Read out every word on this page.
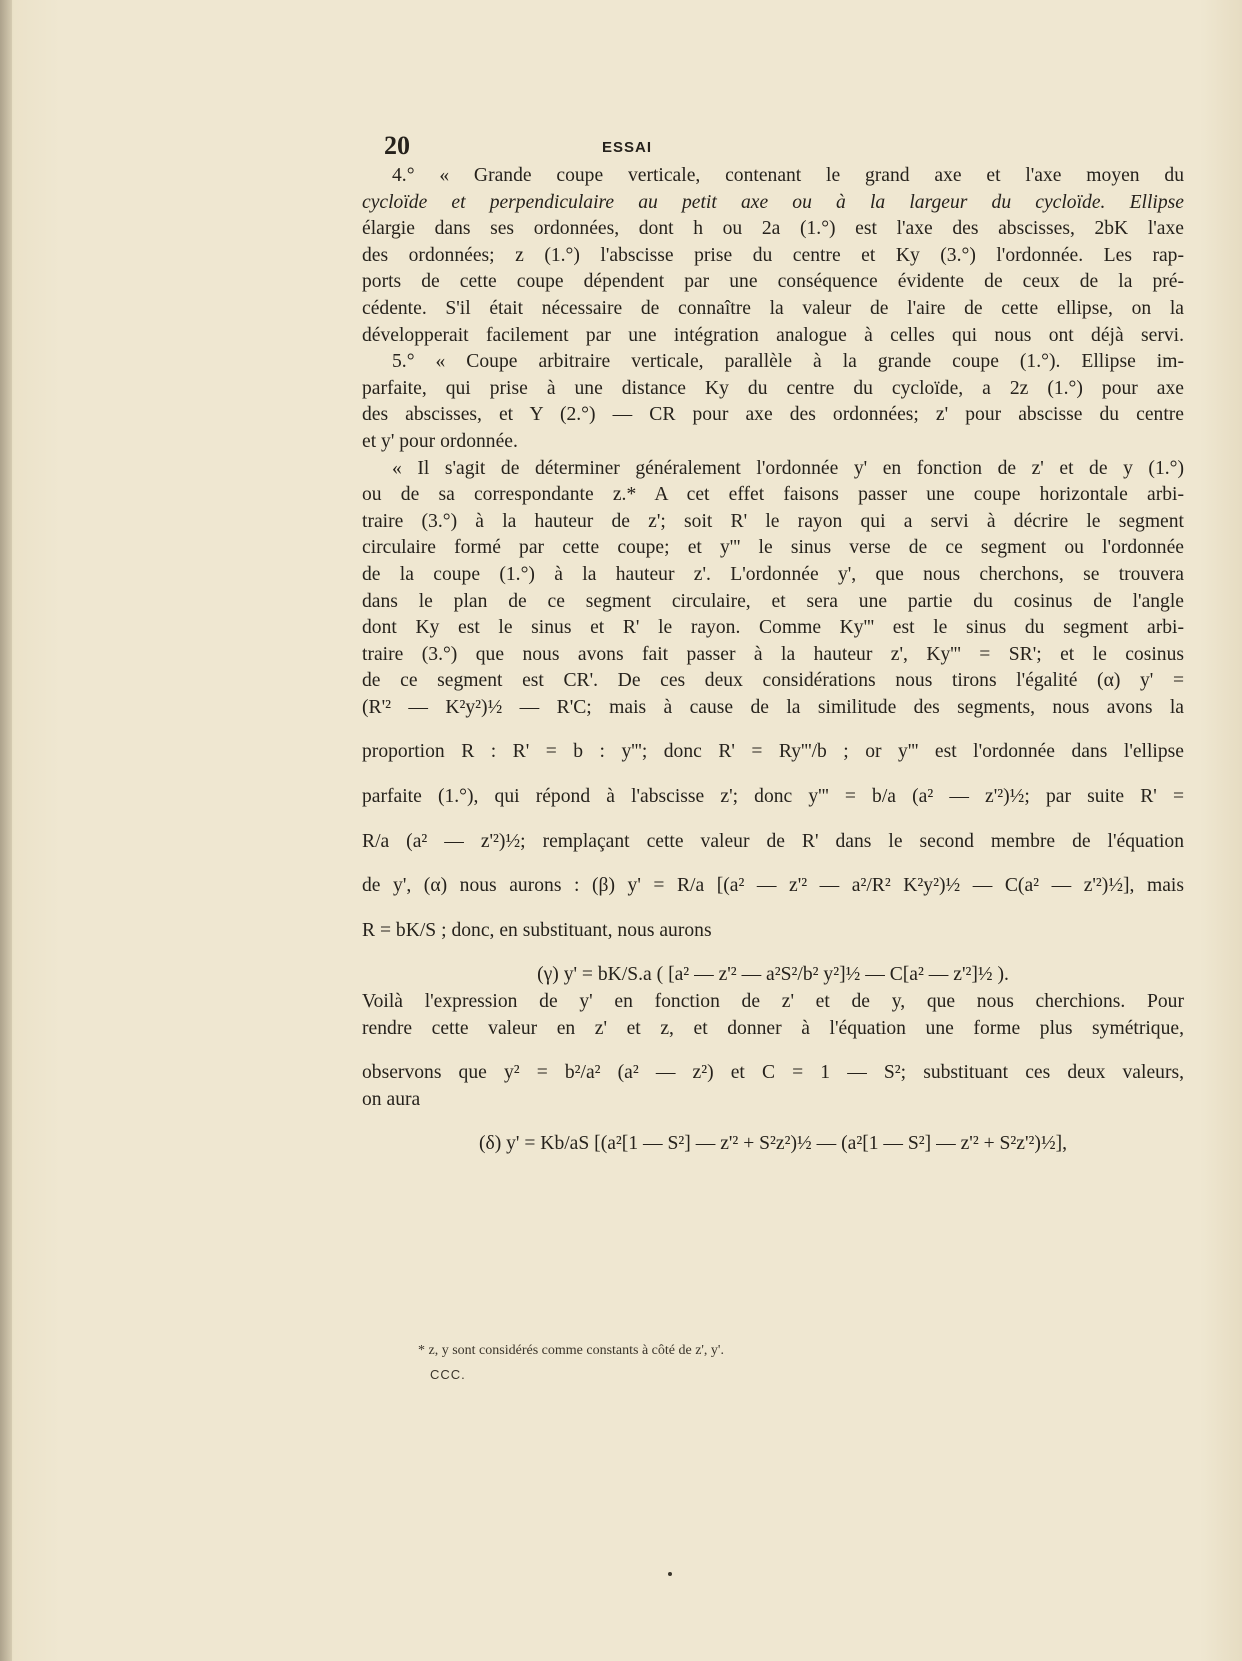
20	ESSAI
4.° « Grande coupe verticale, contenant le grand axe et l'axe moyen du
cycloïde et perpendiculaire au petit axe ou à la largeur du cycloïde. Ellipse
élargie dans ses ordonnées, dont h ou 2a (1.°) est l'axe des abscisses, 2bK l'axe
des ordonnées; z (1.°) l'abscisse prise du centre et Ky (3.°) l'ordonnée. Les rap-
ports de cette coupe dépendent par une conséquence évidente de ceux de la pré-
cédente. S'il était nécessaire de connaître la valeur de l'aire de cette ellipse, on la
développerait facilement par une intégration analogue à celles qui nous ont déjà servi.
5.° « Coupe arbitraire verticale, parallèle à la grande coupe (1.°). Ellipse im-
parfaite, qui prise à une distance Ky du centre du cycloïde, a 2z (1.°) pour axe
des abscisses, et Y (2.°) — CR pour axe des ordonnées; z' pour abscisse du centre
et y' pour ordonnée.
« Il s'agit de déterminer généralement l'ordonnée y' en fonction de z' et de y (1.°)
ou de sa correspondante z.* A cet effet faisons passer une coupe horizontale arbi-
traire (3.°) à la hauteur de z'; soit R' le rayon qui a servi à décrire le segment
circulaire formé par cette coupe; et y''' le sinus verse de ce segment ou l'ordonnée
de la coupe (1.°) à la hauteur z'. L'ordonnée y', que nous cherchons, se trouvera
dans le plan de ce segment circulaire, et sera une partie du cosinus de l'angle
dont Ky est le sinus et R' le rayon. Comme Ky''' est le sinus du segment arbi-
traire (3.°) que nous avons fait passer à la hauteur z', Ky''' = SR'; et le cosinus
de ce segment est CR'. De ces deux considérations nous tirons l'égalité (α) y' =
(R'² — K²y²)½ — R'C; mais à cause de la similitude des segments, nous avons la
proportion R : R' = b : y'''; donc R' = Ry'''/b ; or y''' est l'ordonnée dans l'ellipse
parfaite (1.°), qui répond à l'abscisse z'; donc y''' = b/a (a² — z'²)½; par suite R' =
R/a (a² — z'²)½; remplaçant cette valeur de R' dans le second membre de l'équation
de y', (α) nous aurons : (β) y' = R/a [(a² — z'² — a²/R² K²y²)½ — C(a² — z'²)½], mais
R = bK/S ; donc, en substituant, nous aurons
(γ) y' = bK/S.a ( [a² — z'² — a²S²/b² y²]½ — C[a² — z'²]½ ).
Voilà l'expression de y' en fonction de z' et de y, que nous cherchions. Pour
rendre cette valeur en z' et z, et donner à l'équation une forme plus symétrique,
observons que y² = b²/a² (a² — z²) et C = 1 — S²; substituant ces deux valeurs,
on aura
(δ) y' = Kb/aS [(a²[1 — S²] — z'² + S²z²)½ — (a²[1 — S²] — z'² + S²z'²)½],
* z, y sont considérés comme constants à côté de z', y'.
CCC.
